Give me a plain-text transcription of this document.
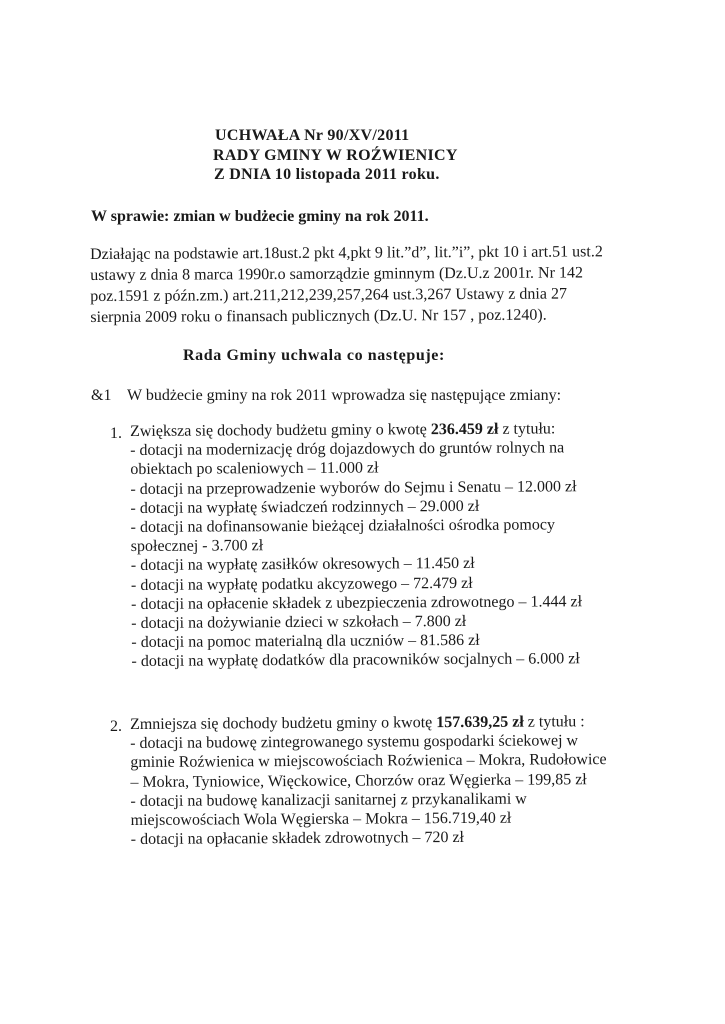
UCHWAŁA Nr 90/XV/2011
RADY GMINY W ROŹWIENICY
Z DNIA 10 listopada 2011 roku.
W sprawie: zmian w budżecie gminy na rok 2011.
Działając na podstawie art.18ust.2 pkt 4,pkt 9 lit.”d”, lit.”i”, pkt 10 i art.51 ust.2
ustawy z dnia 8 marca 1990r.o samorządzie gminnym (Dz.U.z 2001r. Nr 142
poz.1591 z późn.zm.) art.211,212,239,257,264 ust.3,267 Ustawy z dnia 27
sierpnia 2009 roku o finansach publicznych (Dz.U. Nr 157 , poz.1240).
Rada Gminy uchwala co następuje:
&1 W budżecie gminy na rok 2011 wprowadza się następujące zmiany:
1. Zwiększa się dochody budżetu gminy o kwotę 236.459 zł z tytułu:
- dotacji na modernizację dróg dojazdowych do gruntów rolnych na
obiektach po scaleniowych – 11.000 zł
- dotacji na przeprowadzenie wyborów do Sejmu i Senatu – 12.000 zł
- dotacji na wypłatę świadczeń rodzinnych – 29.000 zł
- dotacji na dofinansowanie bieżącej działalności ośrodka pomocy
społecznej - 3.700 zł
- dotacji na wypłatę zasiłków okresowych – 11.450 zł
- dotacji na wypłatę podatku akcyzowego – 72.479 zł
- dotacji na opłacenie składek z ubezpieczenia zdrowotnego – 1.444 zł
- dotacji na dożywianie dzieci w szkołach – 7.800 zł
- dotacji na pomoc materialną dla uczniów – 81.586 zł
- dotacji na wypłatę dodatków dla pracowników socjalnych – 6.000 zł
2. Zmniejsza się dochody budżetu gminy o kwotę 157.639,25 zł z tytułu :
- dotacji na budowę zintegrowanego systemu gospodarki ściekowej w
gminie Roźwienica w miejscowościach Roźwienica – Mokra, Rudołowice
– Mokra, Tyniowice, Więckowice, Chorzów oraz Węgierka – 199,85 zł
- dotacji na budowę kanalizacji sanitarnej z przykanalikami w
miejscowościach Wola Węgierska – Mokra – 156.719,40 zł
- dotacji na opłacanie składek zdrowotnych – 720 zł
